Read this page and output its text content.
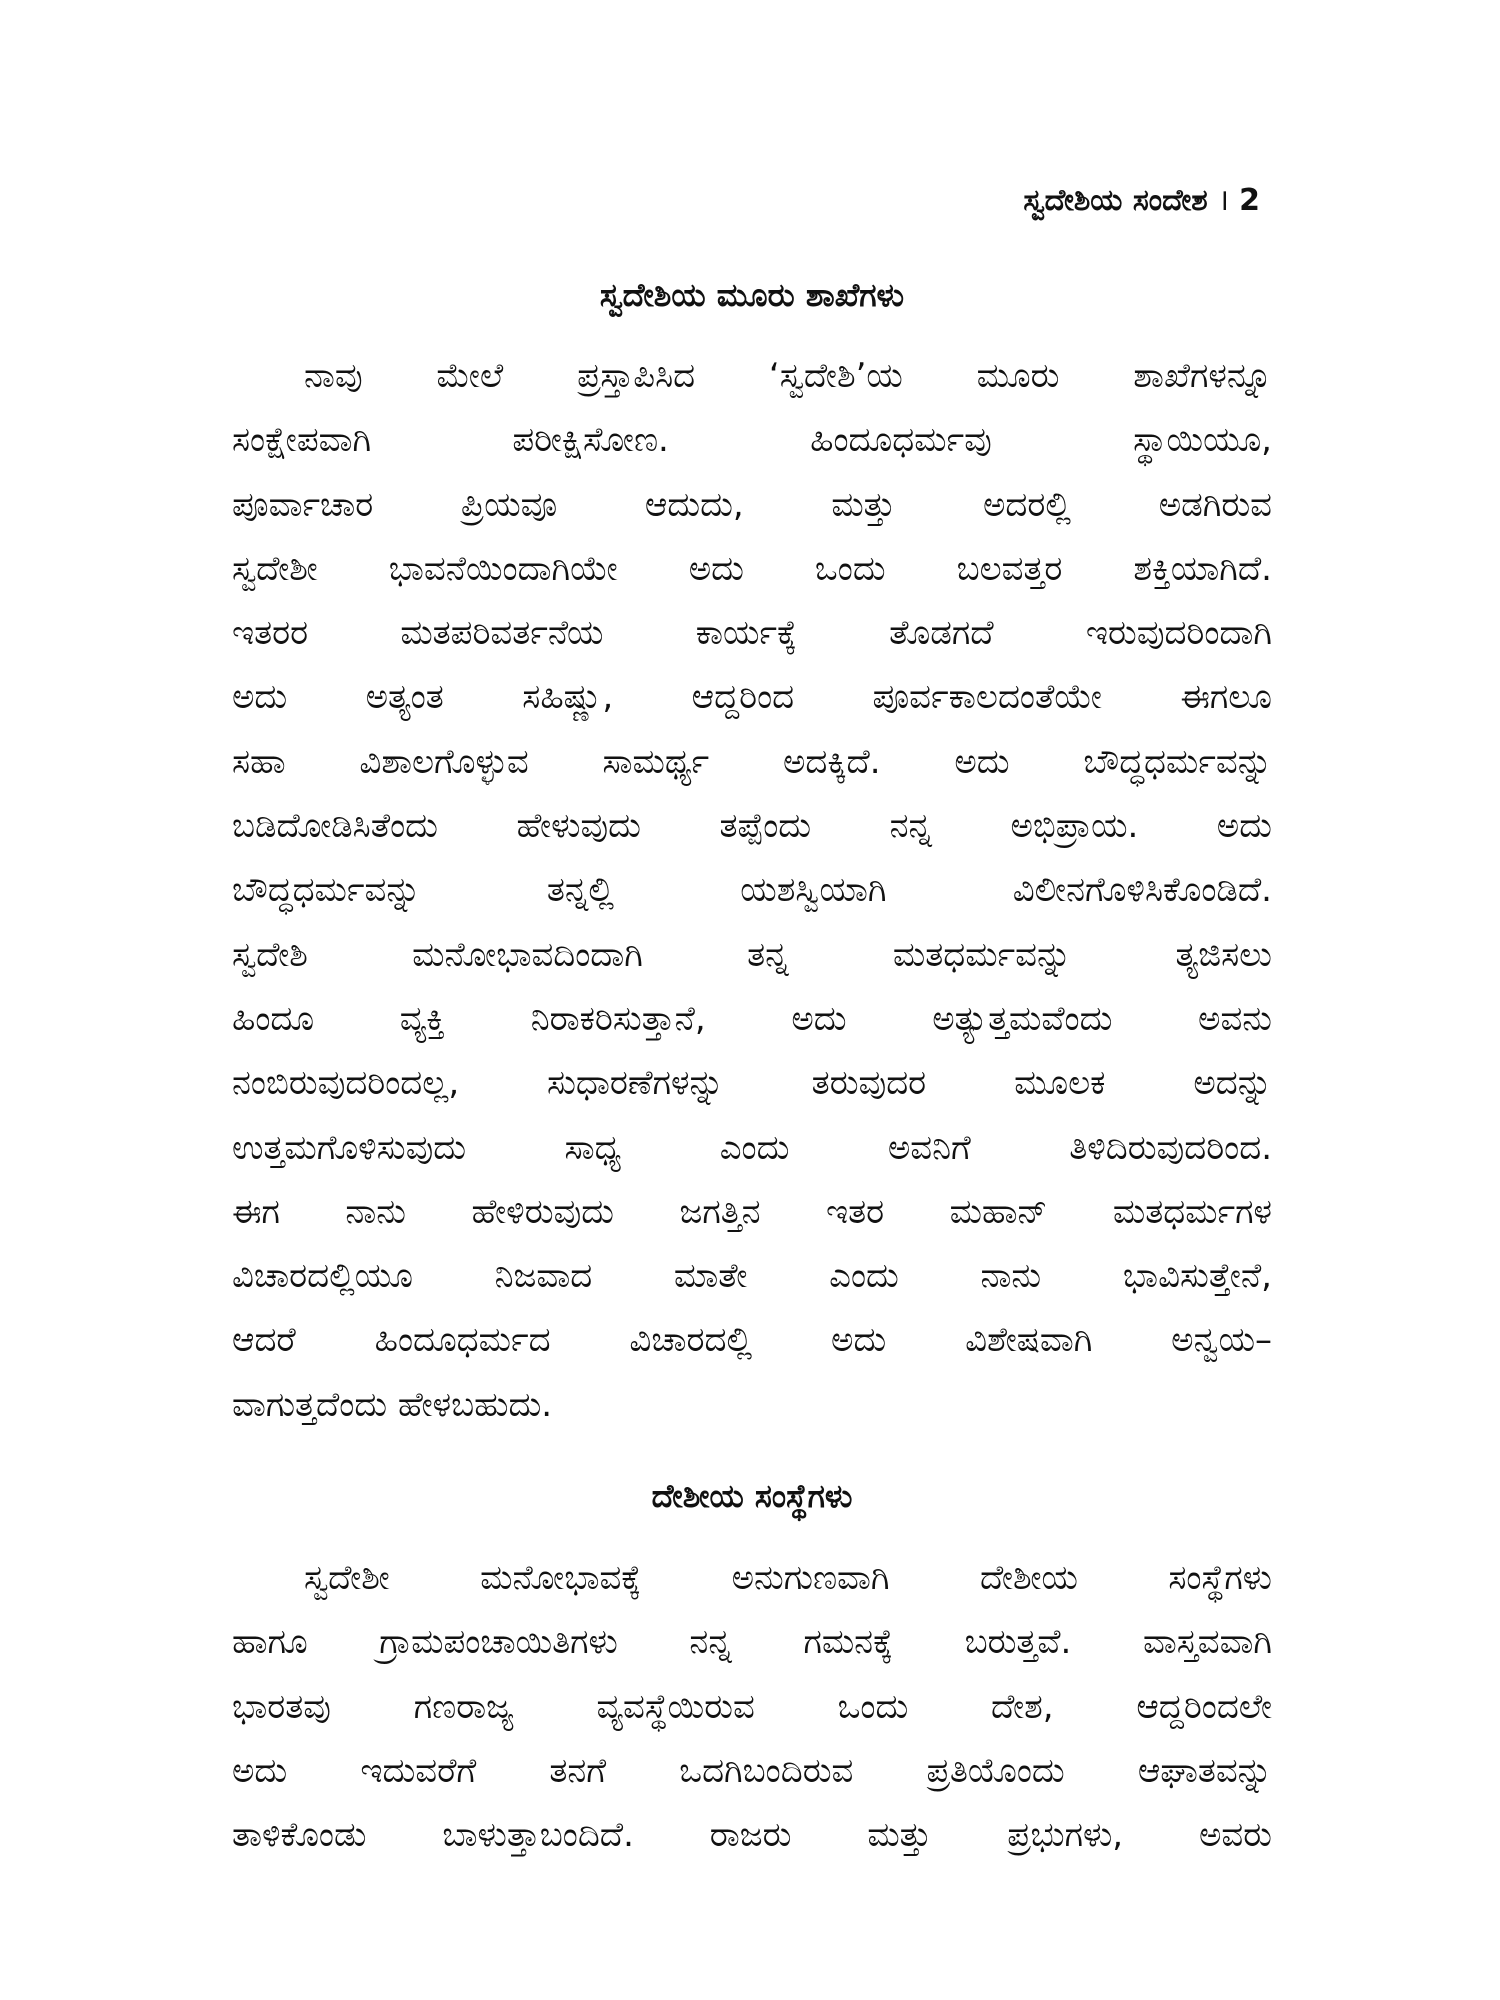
ಸ್ವದೇಶಿಯ ಸಂದೇಶ । 2
ಸ್ವದೇಶಿಯ ಮೂರು ಶಾಖೆಗಳು

ನಾವು ಮೇಲೆ ಪ್ರಸ್ತಾಪಿಸಿದ ‘ಸ್ವದೇಶಿ’ಯ ಮೂರು ಶಾಖೆಗಳನ್ನೂ
ಸಂಕ್ಷೇಪವಾಗಿ ಪರೀಕ್ಷಿಸೋಣ. ಹಿಂದೂಧರ್ಮವು ಸ್ಥಾಯಿಯೂ,
ಪೂರ್ವಾಚಾರ ಪ್ರಿಯವೂ ಆದುದು, ಮತ್ತು ಅದರಲ್ಲಿ ಅಡಗಿರುವ
ಸ್ವದೇಶೀ ಭಾವನೆಯಿಂದಾಗಿಯೇ ಅದು ಒಂದು ಬಲವತ್ತರ ಶಕ್ತಿಯಾಗಿದೆ.
ಇತರರ ಮತಪರಿವರ್ತನೆಯ ಕಾರ್ಯಕ್ಕೆ ತೊಡಗದೆ ಇರುವುದರಿಂದಾಗಿ
ಅದು ಅತ್ಯಂತ ಸಹಿಷ್ಣು, ಆದ್ದರಿಂದ ಪೂರ್ವಕಾಲದಂತೆಯೇ ಈಗಲೂ
ಸಹಾ ವಿಶಾಲಗೊಳ್ಳುವ ಸಾಮರ್ಥ್ಯ ಅದಕ್ಕಿದೆ. ಅದು ಬೌದ್ಧಧರ್ಮವನ್ನು
ಬಡಿದೋಡಿಸಿತೆಂದು ಹೇಳುವುದು ತಪ್ಪೆಂದು ನನ್ನ ಅಭಿಪ್ರಾಯ. ಅದು
ಬೌದ್ಧಧರ್ಮವನ್ನು ತನ್ನಲ್ಲಿ ಯಶಸ್ವಿಯಾಗಿ ವಿಲೀನಗೊಳಿಸಿಕೊಂಡಿದೆ.
ಸ್ವದೇಶಿ ಮನೋಭಾವದಿಂದಾಗಿ ತನ್ನ ಮತಧರ್ಮವನ್ನು ತ್ಯಜಿಸಲು
ಹಿಂದೂ ವ್ಯಕ್ತಿ ನಿರಾಕರಿಸುತ್ತಾನೆ, ಅದು ಅತ್ಯುತ್ತಮವೆಂದು ಅವನು
ನಂಬಿರುವುದರಿಂದಲ್ಲ, ಸುಧಾರಣೆಗಳನ್ನು ತರುವುದರ ಮೂಲಕ ಅದನ್ನು
ಉತ್ತಮಗೊಳಿಸುವುದು ಸಾಧ್ಯ ಎಂದು ಅವನಿಗೆ ತಿಳಿದಿರುವುದರಿಂದ.
ಈಗ ನಾನು ಹೇಳಿರುವುದು ಜಗತ್ತಿನ ಇತರ ಮಹಾನ್ ಮತಧರ್ಮಗಳ
ವಿಚಾರದಲ್ಲಿಯೂ ನಿಜವಾದ ಮಾತೇ ಎಂದು ನಾನು ಭಾವಿಸುತ್ತೇನೆ,
ಆದರೆ ಹಿಂದೂಧರ್ಮದ ವಿಚಾರದಲ್ಲಿ ಅದು ವಿಶೇಷವಾಗಿ ಅನ್ವಯ–
ವಾಗುತ್ತದೆಂದು ಹೇಳಬಹುದು.

ದೇಶೀಯ ಸಂಸ್ಥೆಗಳು

ಸ್ವದೇಶೀ ಮನೋಭಾವಕ್ಕೆ ಅನುಗುಣವಾಗಿ ದೇಶೀಯ ಸಂಸ್ಥೆಗಳು
ಹಾಗೂ ಗ್ರಾಮಪಂಚಾಯಿತಿಗಳು ನನ್ನ ಗಮನಕ್ಕೆ ಬರುತ್ತವೆ. ವಾಸ್ತವವಾಗಿ
ಭಾರತವು ಗಣರಾಜ್ಯ ವ್ಯವಸ್ಥೆಯಿರುವ ಒಂದು ದೇಶ, ಆದ್ದರಿಂದಲೇ
ಅದು ಇದುವರೆಗೆ ತನಗೆ ಒದಗಿಬಂದಿರುವ ಪ್ರತಿಯೊಂದು ಆಘಾತವನ್ನು
ತಾಳಿಕೊಂಡು ಬಾಳುತ್ತಾಬಂದಿದೆ. ರಾಜರು ಮತ್ತು ಪ್ರಭುಗಳು, ಅವರು
